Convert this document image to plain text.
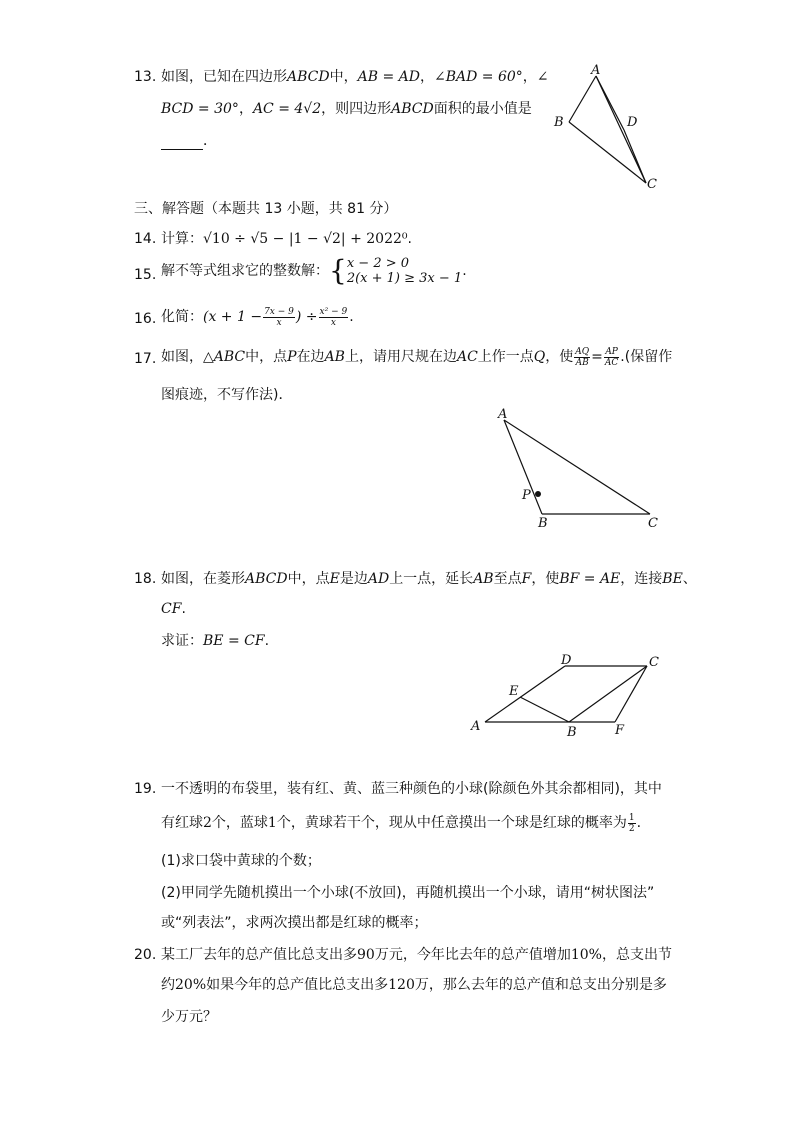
13. 如图，已知在四边形ABCD中，AB = AD，∠BAD = 60°，∠
BCD = 30°，AC = 4√2，则四边形ABCD面积的最小值是
．
A
B	D
C
三、解答题（本题共 13 小题，共 81 分）
14. 计算：√10 ÷ √5 − |1 − √2| + 2022⁰.
15. 解不等式组求它的整数解：{ x − 2 > 0
2(x + 1) ≥ 3x − 1 .
16. 化简：($x + 1 - \frac{7x - 9}{x}$ ) ÷ $\frac{\text{x² − 9}}{x}$ .
17. 如图，△ABC中，点P在边AB上，请用尺规在边AC上作一点Q，使 $\frac{AQ}{AB} = \frac{AP}{AC}$ .(保留作
图痕迹，不写作法)．
A
P
B	C
18. 如图，在菱形ABCD中，点E是边AD上一点，延长AB至点F，使BF = AE，连接BE、
CF.
求证：BE = CF.
A
D	C
E
B	F
19. 一不透明的布袋里，装有红、黄、蓝三种颜色的小球(除颜色外其余都相同)，其中
有红球2个，蓝球1个，黄球若干个，现从中任意摸出一个球是红球的概率为 $\frac{1}{2}$ .
(1)求口袋中黄球的个数；
(2)甲同学先随机摸出一个小球(不放回)，再随机摸出一个小球，请用“树状图法”
或“列表法”，求两次摸出都是红球的概率；
20. 某工厂去年的总产值比总支出多90万元，今年比去年的总产值增加10%，总支出节
约20%如果今年的总产值比总支出多120万，那么去年的总产值和总支出分别是多
少万元？
